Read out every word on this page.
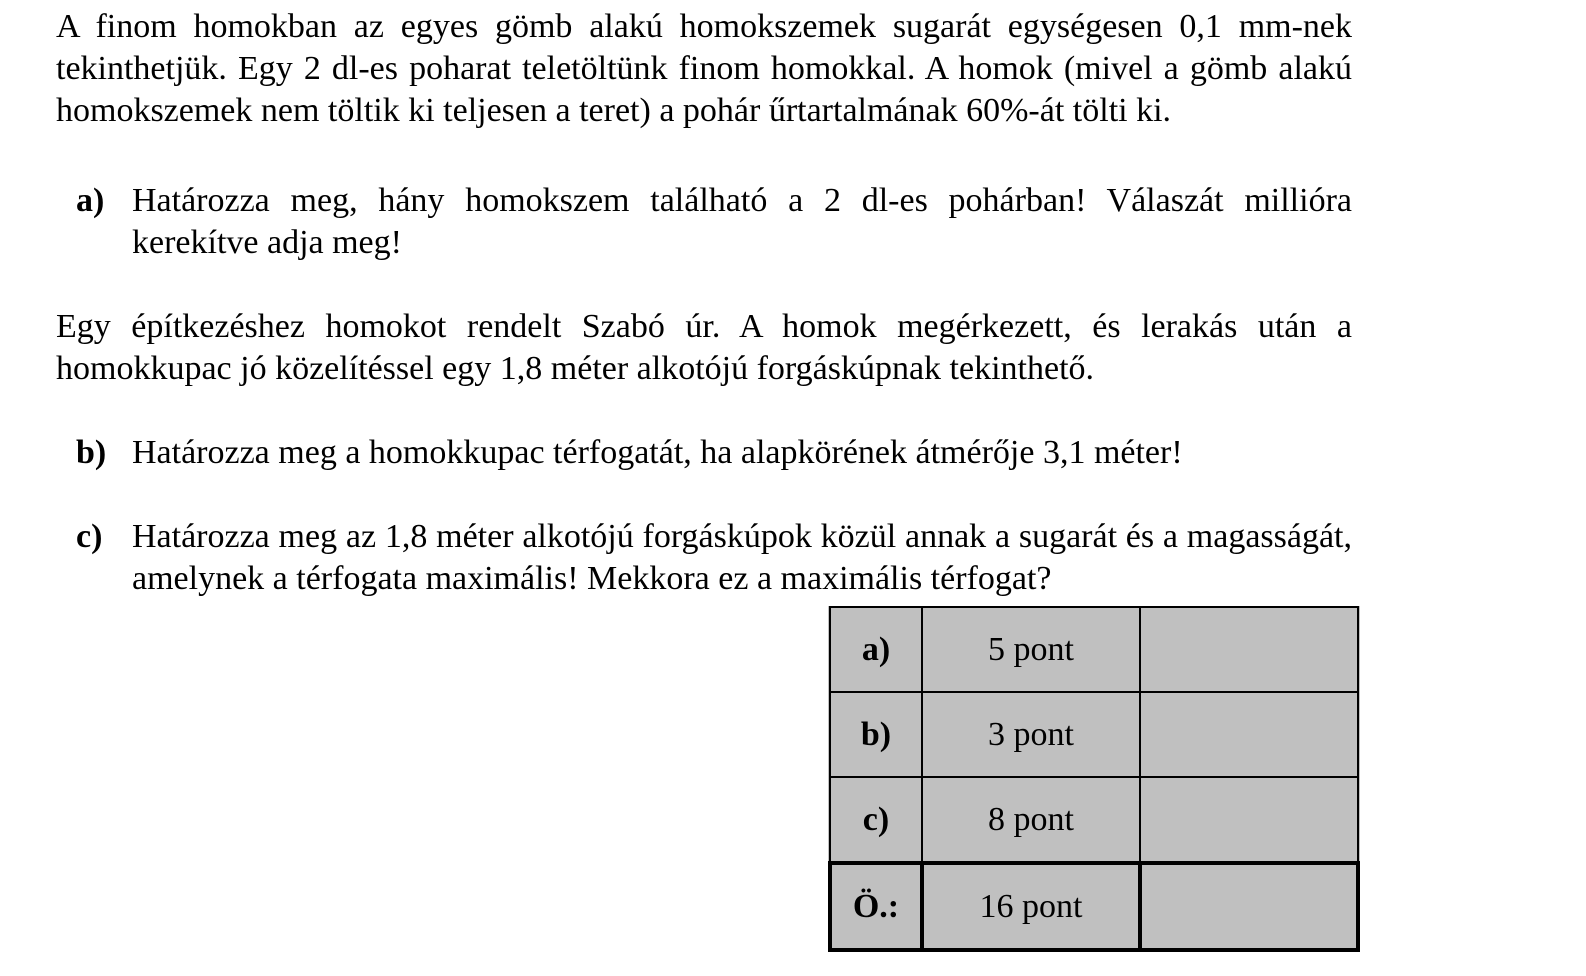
A finom homokban az egyes gömb alakú homokszemek sugarát egységesen 0,1 mm-nek tekinthetjük. Egy 2 dl-es poharat teletöltünk finom homokkal. A homok (mivel a gömb alakú homokszemek nem töltik ki teljesen a teret) a pohár űrtartalmának 60%-át tölti ki.

a) Határozza meg, hány homokszem található a 2 dl-es pohárban! Válaszát millióra kerekítve adja meg!

Egy építkezéshez homokot rendelt Szabó úr. A homok megérkezett, és lerakás után a homokkupac jó közelítéssel egy 1,8 méter alkotójú forgáskúpnak tekinthető.

b) Határozza meg a homokkupac térfogatát, ha alapkörének átmérője 3,1 méter!
c) Határozza meg az 1,8 méter alkotójú forgáskúpok közül annak a sugarát és a magasságát, amelynek a térfogata maximális! Mekkora ez a maximális térfogat?
a)	5 pont	
b)	3 pont	
c)	8 pont	
Ö.:	16 pont	
